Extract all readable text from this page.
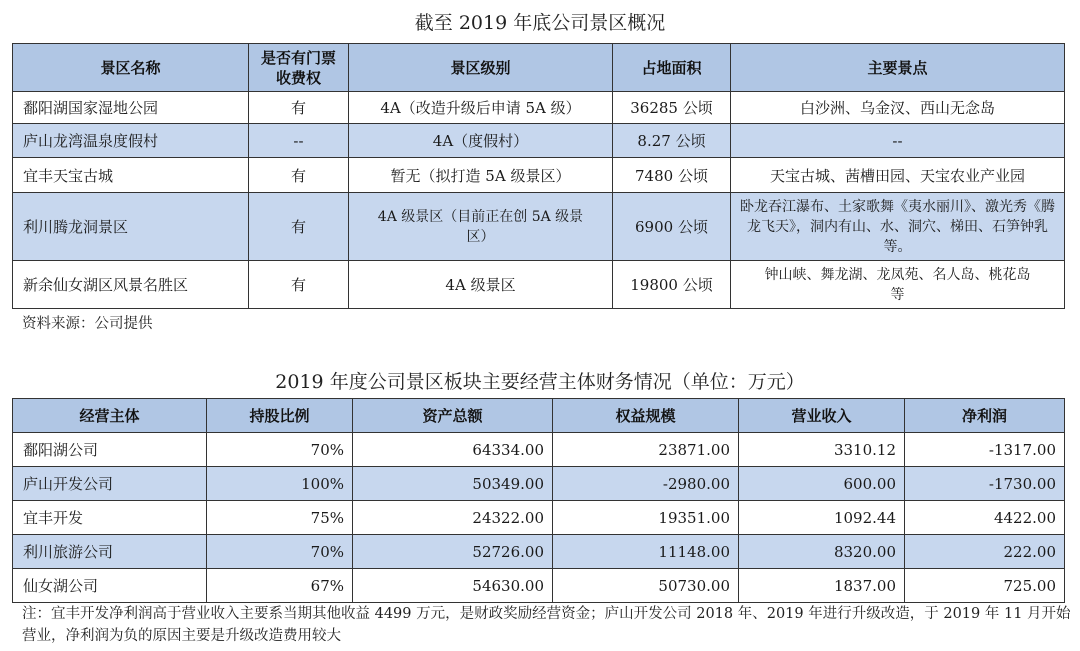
截至 2019 年底公司景区概况
景区名称	是否有门票收费权	景区级别	占地面积	主要景点
鄱阳湖国家湿地公园	有	4A（改造升级后申请 5A 级）	36285 公顷	白沙洲、乌金汊、西山无念岛
庐山龙湾温泉度假村	--	4A（度假村）	8.27 公顷	--
宜丰天宝古城	有	暂无（拟打造 5A 级景区）	7480 公顷	天宝古城、茜槽田园、天宝农业产业园
利川腾龙洞景区	有	4A 级景区（目前正在创 5A 级景区）	6900 公顷	卧龙吞江瀑布、土家歌舞《夷水丽川》、激光秀《腾龙飞天》，洞内有山、水、洞穴、梯田、石笋钟乳等。
新余仙女湖区风景名胜区	有	4A 级景区	19800 公顷	钟山峡、舞龙湖、龙凤苑、名人岛、桃花岛等
资料来源：公司提供
2019 年度公司景区板块主要经营主体财务情况（单位：万元）
经营主体	持股比例	资产总额	权益规模	营业收入	净利润
鄱阳湖公司	70%	64334.00	23871.00	3310.12	-1317.00
庐山开发公司	100%	50349.00	-2980.00	600.00	-1730.00
宜丰开发	75%	24322.00	19351.00	1092.44	4422.00
利川旅游公司	70%	52726.00	11148.00	8320.00	222.00
仙女湖公司	67%	54630.00	50730.00	1837.00	725.00
注：宜丰开发净利润高于营业收入主要系当期其他收益 4499 万元，是财政奖励经营资金；庐山开发公司 2018 年、2019 年进行升级改造，于 2019 年 11 月开始营业，净利润为负的原因主要是升级改造费用较大
